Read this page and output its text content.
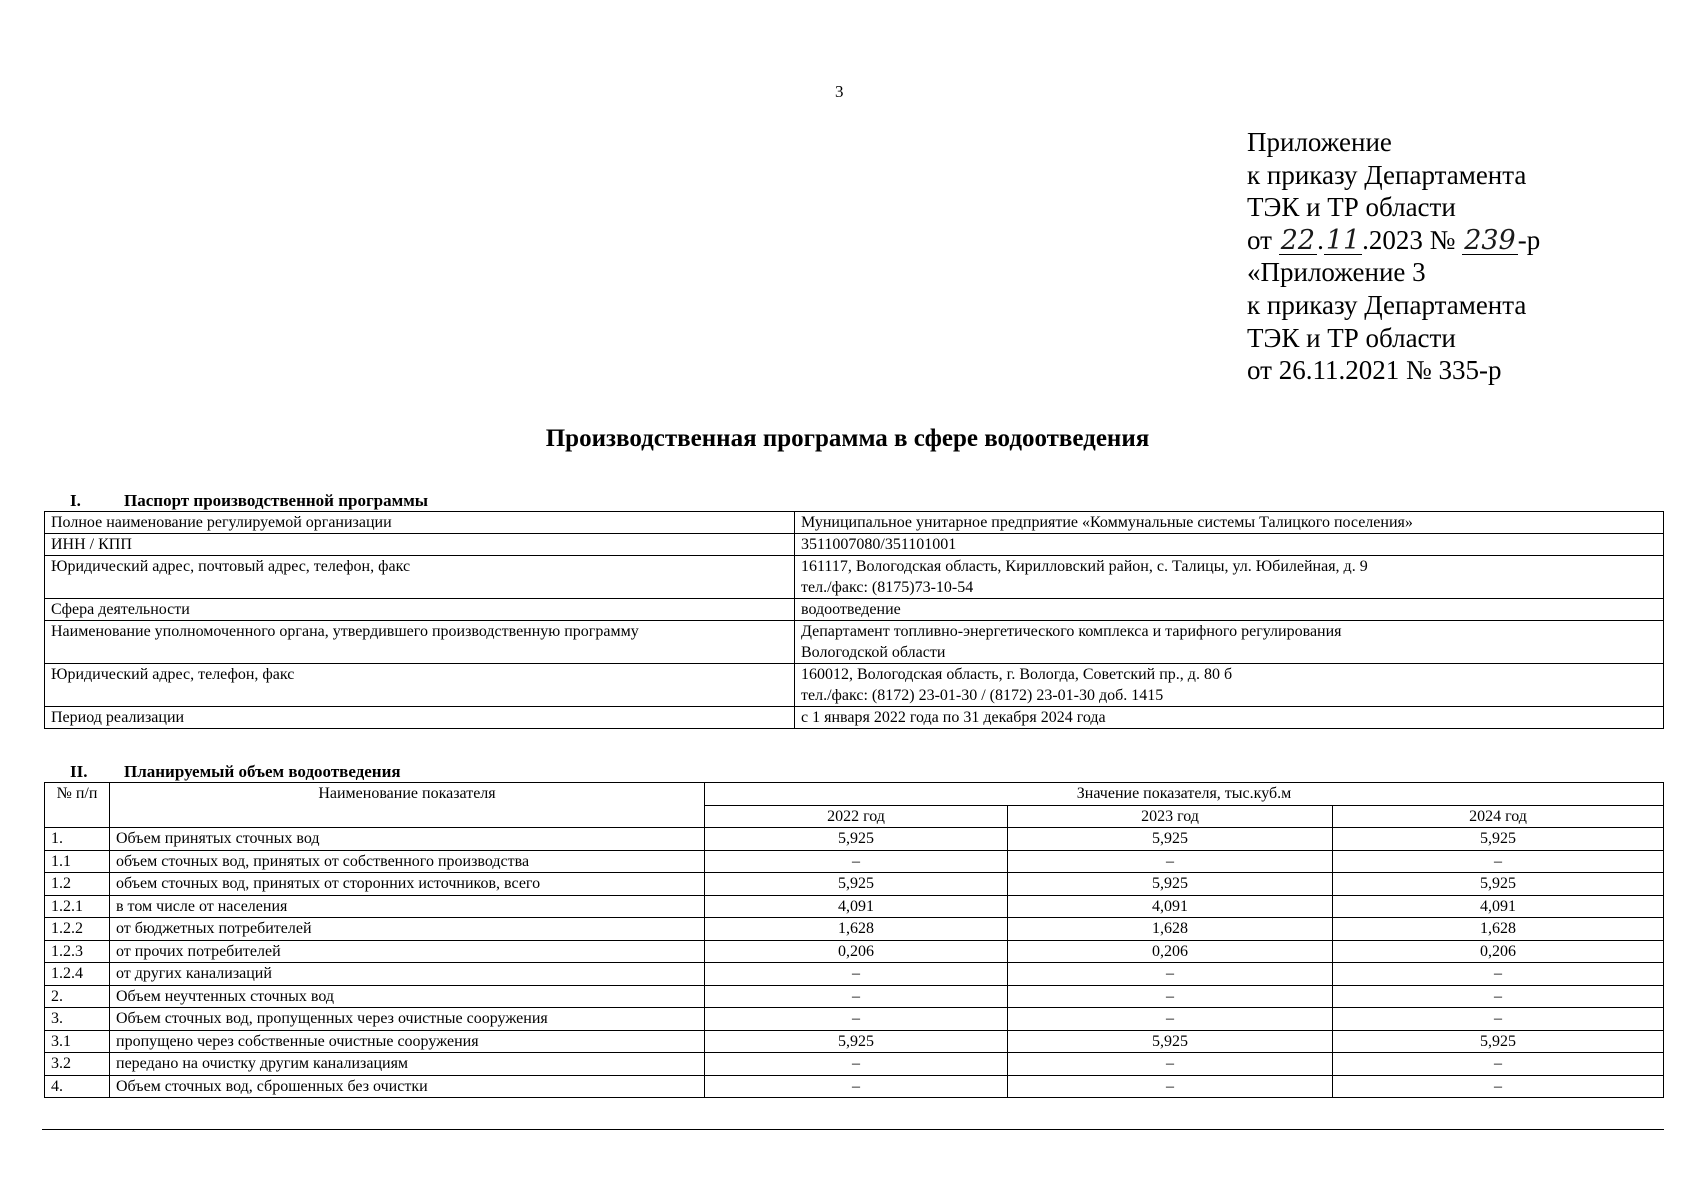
3
Приложение
к приказу Департамента
ТЭК и ТР области
от 22.11.2023 № 239-р
«Приложение 3
к приказу Департамента
ТЭК и ТР области
от 26.11.2021 № 335-р
Производственная программа в сфере водоотведения
I.	Паспорт производственной программы
Полное наименование регулируемой организации	Муниципальное унитарное предприятие «Коммунальные системы Талицкого поселения»

ИНН / КПП	3511007080/351101001

Юридический адрес, почтовый адрес, телефон, факс	161117, Вологодская область, Кирилловский район, с. Талицы, ул. Юбилейная, д. 9
тел./факс: (8175)73-10-54

Сфера деятельности	водоотведение

Наименование уполномоченного органа, утвердившего производственную программу	Департамент топливно-энергетического комплекса и тарифного регулирования
Вологодской области

Юридический адрес, телефон, факс	160012, Вологодская область, г. Вологда, Советский пр., д. 80 б
тел./факс: (8172) 23-01-30 / (8172) 23-01-30 доб. 1415

Период реализации	с 1 января 2022 года по 31 декабря 2024 года
II. Планируемый объем водоотведения
№ п/п	Наименование показателя	Значение показателя, тыс.куб.м		
		2022 год	2023 год	2024 год
1.	Объем принятых сточных вод	5,925	5,925	5,925
1.1	объем сточных вод, принятых от собственного производства	–	–	–
1.2	объем сточных вод, принятых от сторонних источников, всего	5,925	5,925	5,925
1.2.1	в том числе от населения	4,091	4,091	4,091
1.2.2	от бюджетных потребителей	1,628	1,628	1,628
1.2.3	от прочих потребителей	0,206	0,206	0,206
1.2.4	от других канализаций	–	–	–
2.	Объем неучтенных сточных вод	–	–	–
3.	Объем сточных вод, пропущенных через очистные сооружения	–	–	–
3.1	пропущено через собственные очистные сооружения	5,925	5,925	5,925
3.2	передано на очистку другим канализациям	–	–	–
4.	Объем сточных вод, сброшенных без очистки	–	–	–
